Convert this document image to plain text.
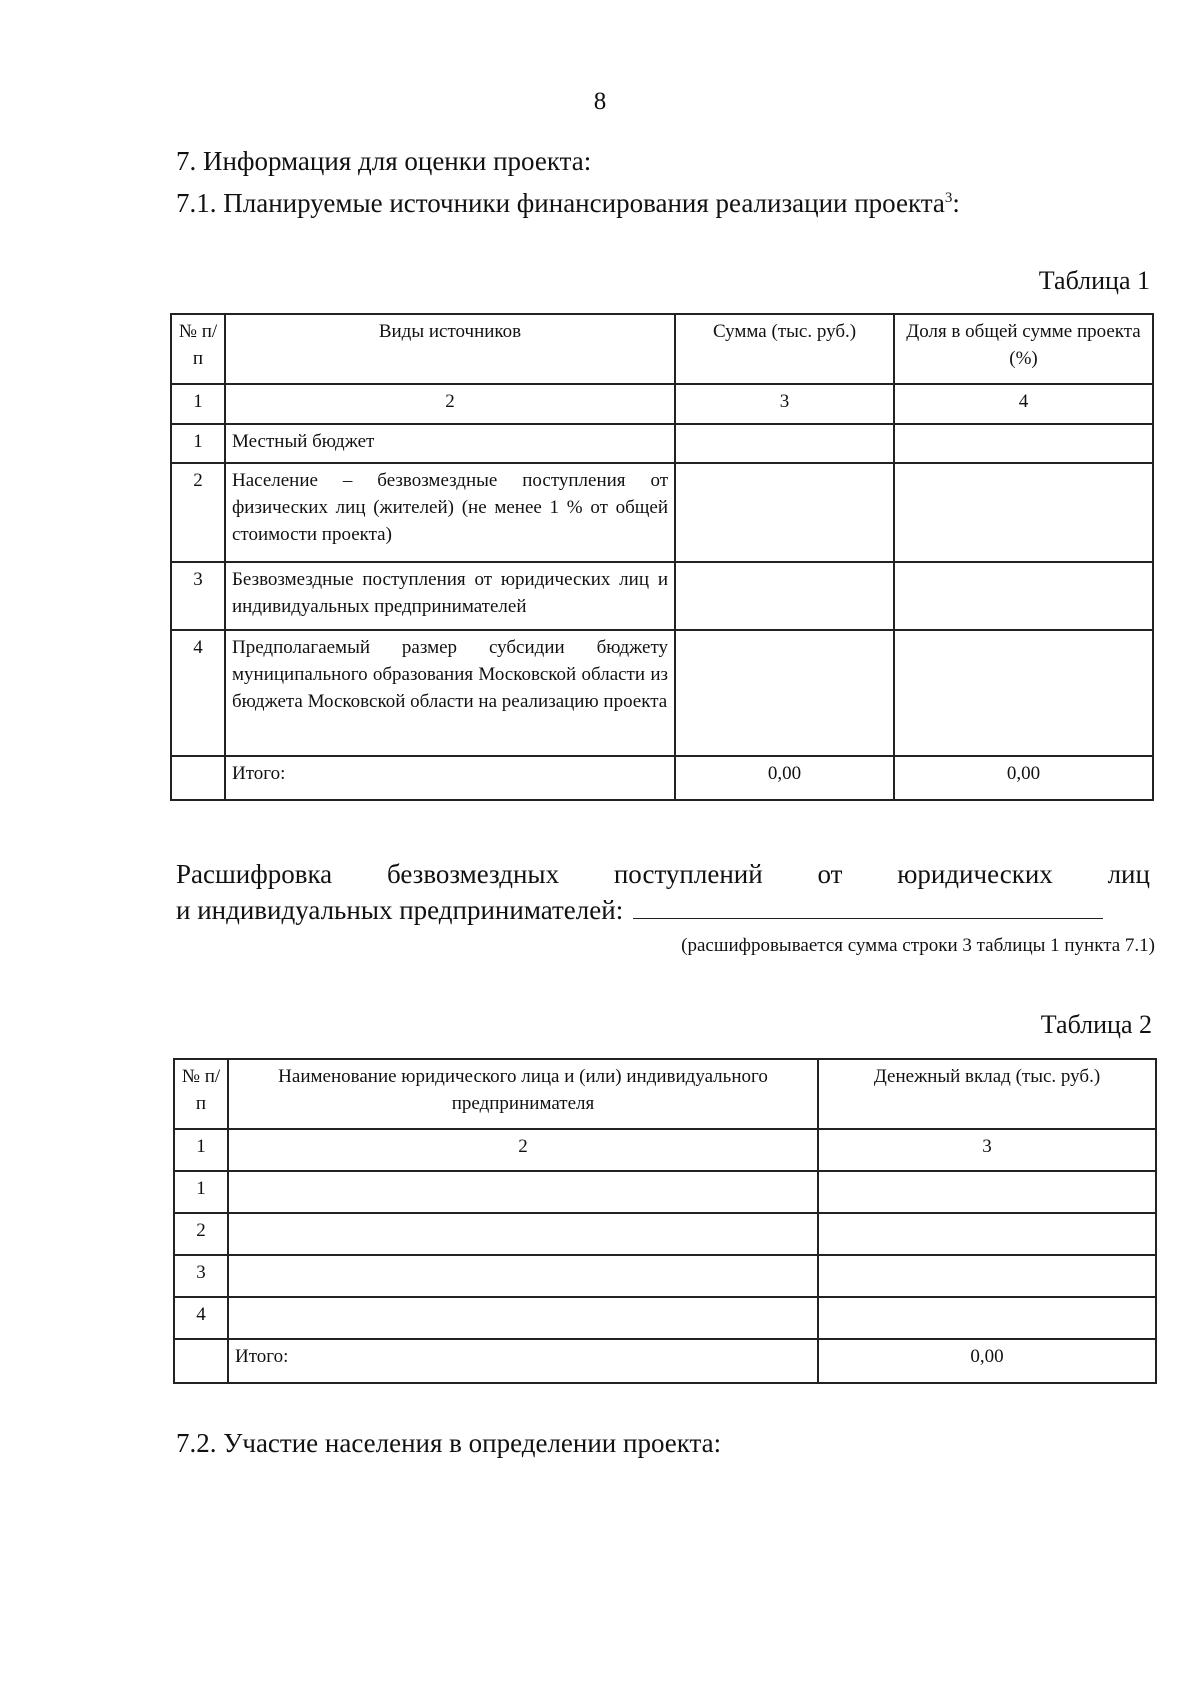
8
7. Информация для оценки проекта:
7.1. Планируемые источники финансирования реализации проекта$^3$:
Таблица 1
№ п/п	Виды источников	Сумма (тыс. руб.)	Доля в общей сумме проекта (%)
1	2	3	4
1	Местный бюджет		
2	Население – безвозмездные поступления от физических лиц (жителей) (не менее 1 % от общей стоимости проекта)		
3	Безвозмездные поступления от юридических лиц и индивидуальных предпринимателей		
4	Предполагаемый размер субсидии бюджету муниципального образования Московской области из бюджета Московской области на реализацию проекта		
	Итого:	0,00	0,00
Расшифровка безвозмездных поступлений от юридических лиц
и индивидуальных предпринимателей:
(расшифровывается сумма строки 3 таблицы 1 пункта 7.1)
Таблица 2
№ п/п	Наименование юридического лица и (или) индивидуального предпринимателя	Денежный вклад (тыс. руб.)
1	2	3
1		
2		
3		
4		
	Итого:	0,00
7.2. Участие населения в определении проекта:
